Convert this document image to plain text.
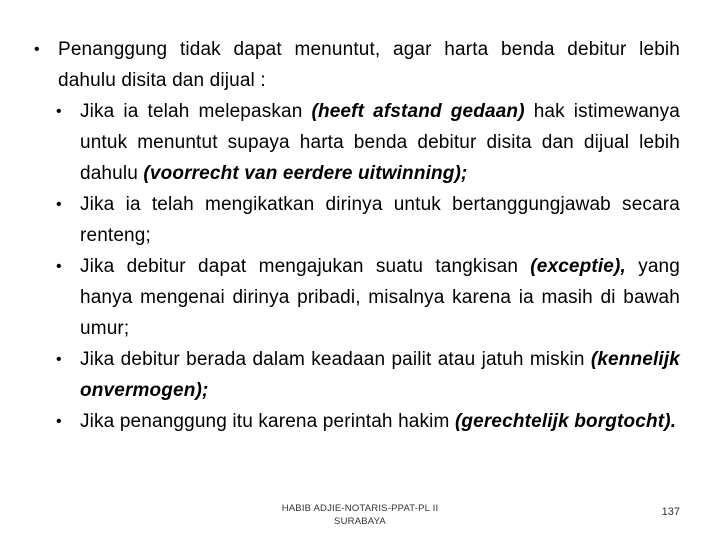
• Penanggung tidak dapat menuntut, agar harta benda debitur lebih dahulu disita dan dijual :
• Jika ia telah melepaskan (heeft afstand gedaan) hak istimewanya untuk menuntut supaya harta benda debitur disita dan dijual lebih dahulu (voorrecht van eerdere uitwinning);
• Jika ia telah mengikatkan dirinya untuk bertanggungjawab secara renteng;
• Jika debitur dapat mengajukan suatu tangkisan (exceptie), yang hanya mengenai dirinya pribadi, misalnya karena ia masih di bawah umur;
• Jika debitur berada dalam keadaan pailit atau jatuh miskin (kennelijk onvermogen);
• Jika penanggung itu karena perintah hakim (gerechtelijk borgtocht).
HABIB ADJIE-NOTARIS-PPAT-PL II
SURABAYA
137
